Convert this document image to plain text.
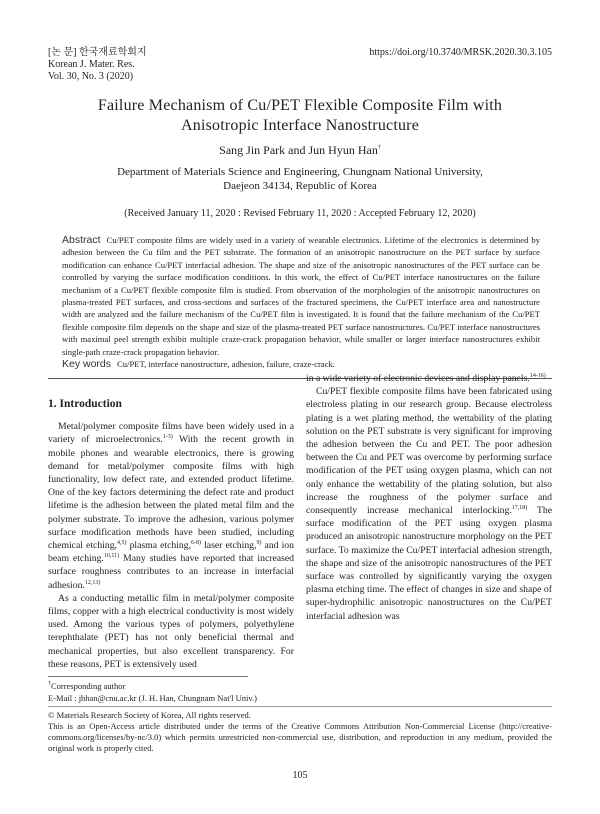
[논 문] 한국재료학회지
Korean J. Mater. Res.
Vol. 30, No. 3 (2020)
https://doi.org/10.3740/MRSK.2020.30.3.105
Failure Mechanism of Cu/PET Flexible Composite Film with
Anisotropic Interface Nanostructure
Sang Jin Park and Jun Hyun Han†
Department of Materials Science and Engineering, Chungnam National University,
Daejeon 34134, Republic of Korea
(Received January 11, 2020 : Revised February 11, 2020 : Accepted February 12, 2020)
Abstract Cu/PET composite films are widely used in a variety of wearable electronics. Lifetime of the electronics is determined by adhesion between the Cu film and the PET substrate. The formation of an anisotropic nanostructure on the PET surface by surface modification can enhance Cu/PET interfacial adhesion. The shape and size of the anisotropic nanostructures of the PET surface can be controlled by varying the surface modification conditions. In this work, the effect of Cu/PET interface nanostructures on the failure mechanism of a Cu/PET flexible composite film is studied. From observation of the morphologies of the anisotropic nanostructures on plasma-treated PET surfaces, and cross-sections and surfaces of the fractured specimens, the Cu/PET interface area and nanostructure width are analyzed and the failure mechanism of the Cu/PET film is investigated. It is found that the failure mechanism of the Cu/PET flexible composite film depends on the shape and size of the plasma-treated PET surface nanostructures. Cu/PET interface nanostructures with maximal peel strength exhibit multiple craze-crack propagation behavior, while smaller or larger interface nanostructures exhibit single-path craze-crack propagation behavior.
Key words Cu/PET, interface nanostructure, adhesion, failure, craze-crack.

1. Introduction

Metal/polymer composite films have been widely used in a variety of microelectronics.$^{1-3)}$ With the recent growth in mobile phones and wearable electronics, there is growing demand for metal/polymer composite films with high functionality, low defect rate, and extended product lifetime. One of the key factors determining the defect rate and product lifetime is the adhesion between the plated metal film and the polymer substrate. To improve the adhesion, various polymer surface modification methods have been studied, including chemical etching,$^{4,5)}$ plasma etching,$^{6-8)}$ laser etching,$^{9)}$ and ion beam etching.$^{10,11)}$ Many studies have reported that increased surface roughness contributes to an increase in interfacial adhesion.$^{12,13)}$

As a conducting metallic film in metal/polymer composite films, copper with a high electrical conductivity is most widely used. Among the various types of polymers, polyethylene terephthalate (PET) has not only beneficial thermal and mechanical properties, but also excellent transparency. For these reasons, PET is extensively used

in a wide variety of electronic devices and display panels.$^{14-16)}$

Cu/PET flexible composite films have been fabricated using electroless plating in our research group. Because electroless plating is a wet plating method, the wettability of the plating solution on the PET substrate is very significant for improving the adhesion between the Cu and PET. The poor adhesion between the Cu and PET was overcome by performing surface modification of the PET using oxygen plasma, which can not only enhance the wettability of the plating solution, but also increase the roughness of the polymer surface and consequently increase mechanical interlocking.$^{17,18)}$ The surface modification of the PET using oxygen plasma produced an anisotropic nanostructure morphology on the PET surface. To maximize the Cu/PET interfacial adhesion strength, the shape and size of the anisotropic nanostructures of the PET surface was controlled by significantly varying the oxygen plasma etching time. The effect of changes in size and shape of super-hydrophilic anisotropic nanostructures on the Cu/PET interfacial adhesion was

†Corresponding author
E-Mail : jhhan@cnu.ac.kr (J. H. Han, Chungnam Nat'l Univ.)
© Materials Research Society of Korea, All rights reserved.
This is an Open-Access article distributed under the terms of the Creative Commons Attribution Non-Commercial License (http://creative-commons.org/licenses/by-nc/3.0) which permits unrestricted non-commercial use, distribution, and reproduction in any medium, provided the original work is properly cited.
105
